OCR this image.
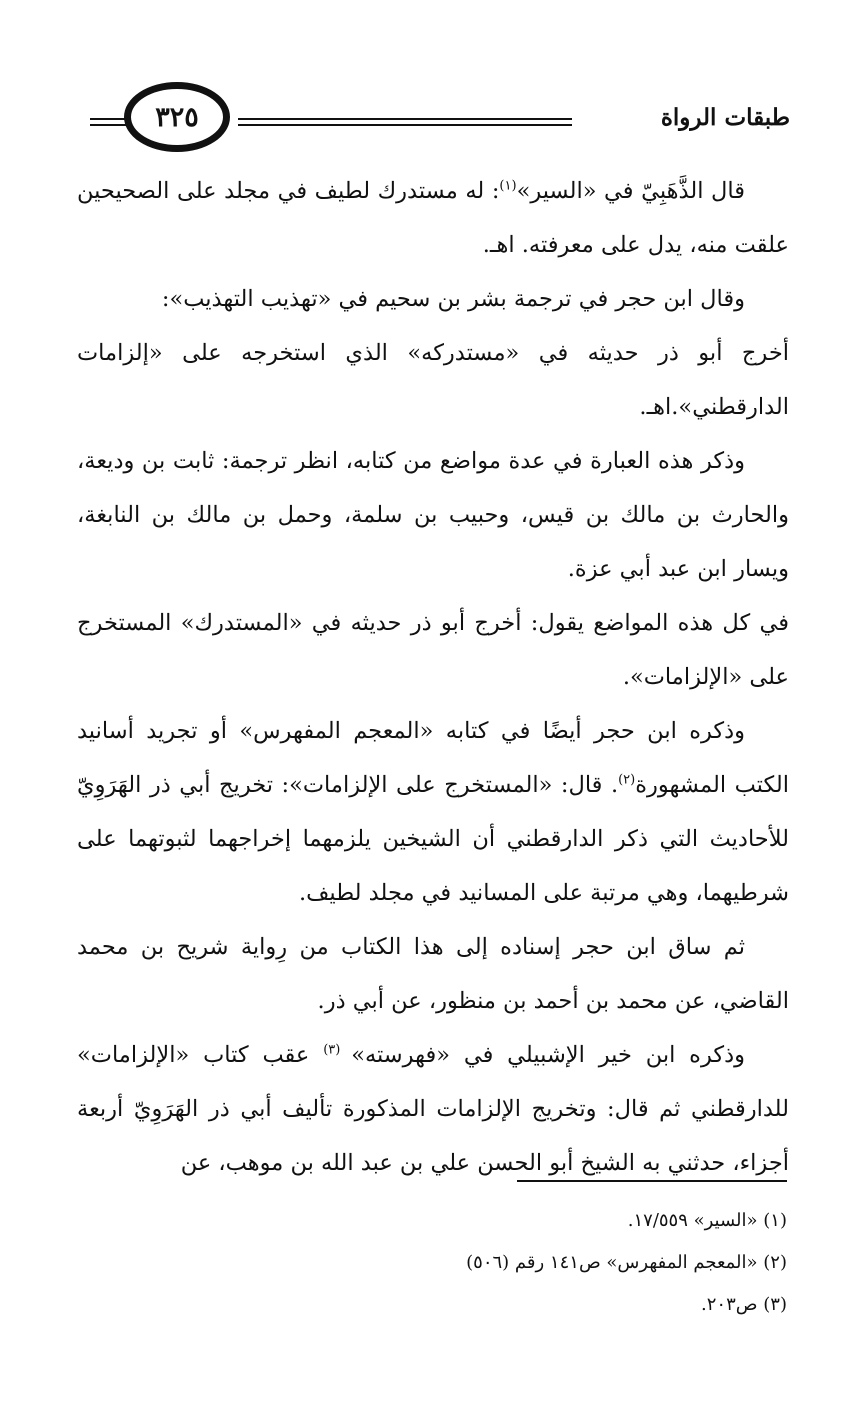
طبقات الرواة
٣٢٥

قال الذَّهَبِيّ في «السير»$^{(١)}$: له مستدرك لطيف في مجلد على الصحيحين علقت منه، يدل على معرفته. اهـ.

وقال ابن حجر في ترجمة بشر بن سحيم في «تهذيب التهذيب»:

أخرج أبو ذر حديثه في «مستدركه» الذي استخرجه على «إلزامات الدارقطني».اهـ.

وذكر هذه العبارة في عدة مواضع من كتابه، انظر ترجمة: ثابت بن وديعة، والحارث بن مالك بن قيس، وحبيب بن سلمة، وحمل بن مالك بن النابغة، ويسار ابن عبد أبي عزة.

في كل هذه المواضع يقول: أخرج أبو ذر حديثه في «المستدرك» المستخرج على «الإلزامات».

وذكره ابن حجر أيضًا في كتابه «المعجم المفهرس» أو تجريد أسانيد الكتب المشهورة$^{(٢)}$. قال: «المستخرج على الإلزامات»: تخريج أبي ذر الهَرَوِيّ للأحاديث التي ذكر الدارقطني أن الشيخين يلزمهما إخراجهما لثبوتهما على شرطيهما، وهي مرتبة على المسانيد في مجلد لطيف.

ثم ساق ابن حجر إسناده إلى هذا الكتاب من رِواية شريح بن محمد القاضي، عن محمد بن أحمد بن منظور، عن أبي ذر.

وذكره ابن خير الإشبيلي في «فهرسته» $^{(٣)}$ عقب كتاب «الإلزامات» للدارقطني ثم قال: وتخريج الإلزامات المذكورة تأليف أبي ذر الهَرَوِيّ أربعة أجزاء، حدثني به الشيخ أبو الحسن علي بن عبد الله بن موهب، عن

(١) «السير» ١٧/٥٥٩.

(٢) «المعجم المفهرس» ص١٤١ رقم (٥٠٦)

(٣) ص٢٠٣.
